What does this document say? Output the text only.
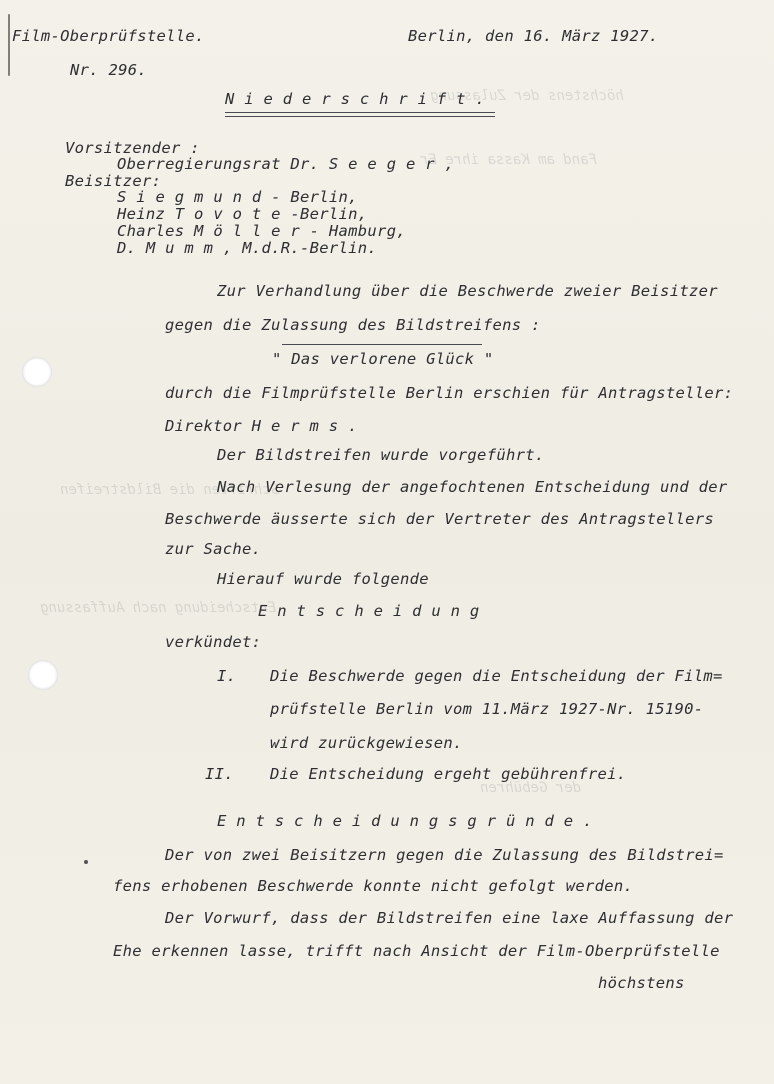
höchstens der Zulassung
Fand am Kassa ihre Er
Schriften die Bildstreifen
Entscheidung nach Auffassung
der Gebühren
Film-Oberprüfstelle.	Berlin, den 16. März 1927.
Nr. 296.
N i e d e r s c h r i f t .
Vorsitzender :
Oberregierungsrat Dr. S e e g e r ,
Beisitzer:
S i e g m u n d - Berlin,
Heinz T o v o t e -Berlin,
Charles M ö l l e r - Hamburg,
D. M u m m , M.d.R.-Berlin.
Zur Verhandlung über die Beschwerde zweier Beisitzer
gegen die Zulassung des Bildstreifens :
" Das verlorene Glück "
durch die Filmprüfstelle Berlin erschien für Antragsteller:
Direktor H e r m s .
Der Bildstreifen wurde vorgeführt.
Nach Verlesung der angefochtenen Entscheidung und der
Beschwerde äusserte sich der Vertreter des Antragstellers
zur Sache.
Hierauf wurde folgende
E n t s c h e i d u n g
verkündet:
I. Die Beschwerde gegen die Entscheidung der Film=
prüfstelle Berlin vom 11.März 1927-Nr. 15190-
wird zurückgewiesen.
II. Die Entscheidung ergeht gebührenfrei.
E n t s c h e i d u n g s g r ü n d e .
Der von zwei Beisitzern gegen die Zulassung des Bildstrei=
fens erhobenen Beschwerde konnte nicht gefolgt werden.
Der Vorwurf, dass der Bildstreifen eine laxe Auffassung der
Ehe erkennen lasse, trifft nach Ansicht der Film-Oberprüfstelle
höchstens
